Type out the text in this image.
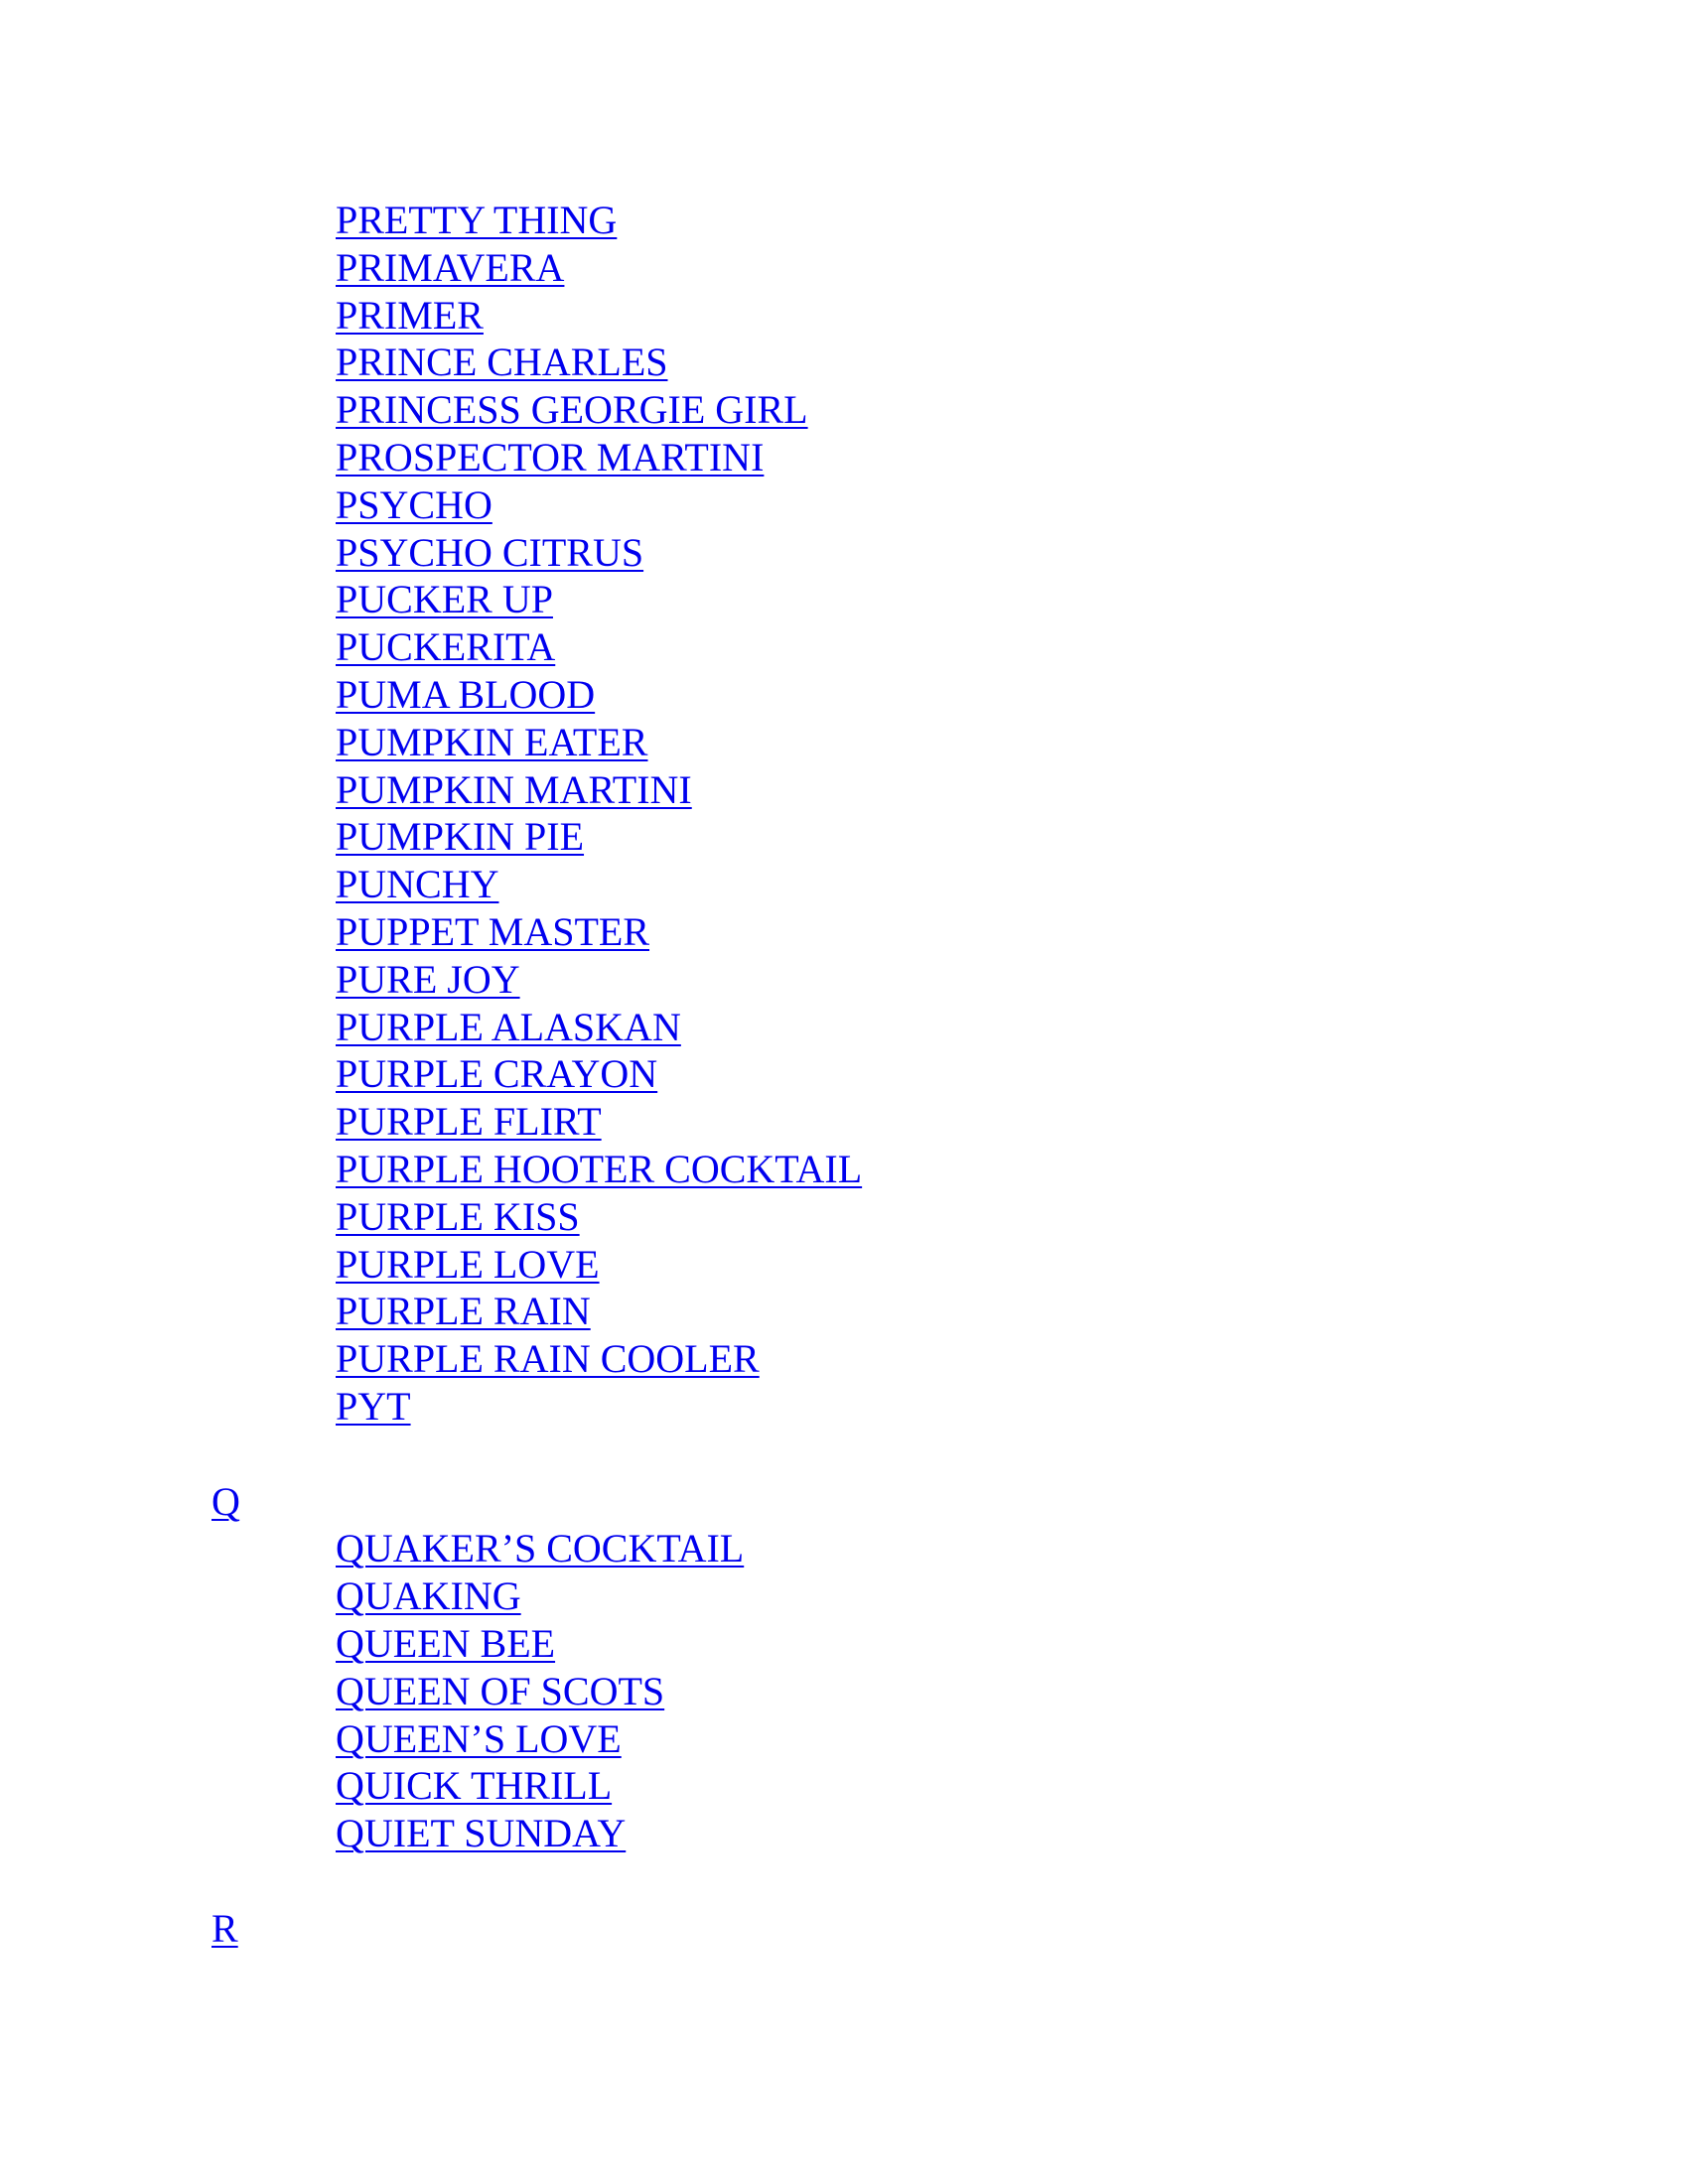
PRETTY THING
PRIMAVERA
PRIMER
PRINCE CHARLES
PRINCESS GEORGIE GIRL
PROSPECTOR MARTINI
PSYCHO
PSYCHO CITRUS
PUCKER UP
PUCKERITA
PUMA BLOOD
PUMPKIN EATER
PUMPKIN MARTINI
PUMPKIN PIE
PUNCHY
PUPPET MASTER
PURE JOY
PURPLE ALASKAN
PURPLE CRAYON
PURPLE FLIRT
PURPLE HOOTER COCKTAIL
PURPLE KISS
PURPLE LOVE
PURPLE RAIN
PURPLE RAIN COOLER
PYT
Q
QUAKER’S COCKTAIL
QUAKING
QUEEN BEE
QUEEN OF SCOTS
QUEEN’S LOVE
QUICK THRILL
QUIET SUNDAY
R
